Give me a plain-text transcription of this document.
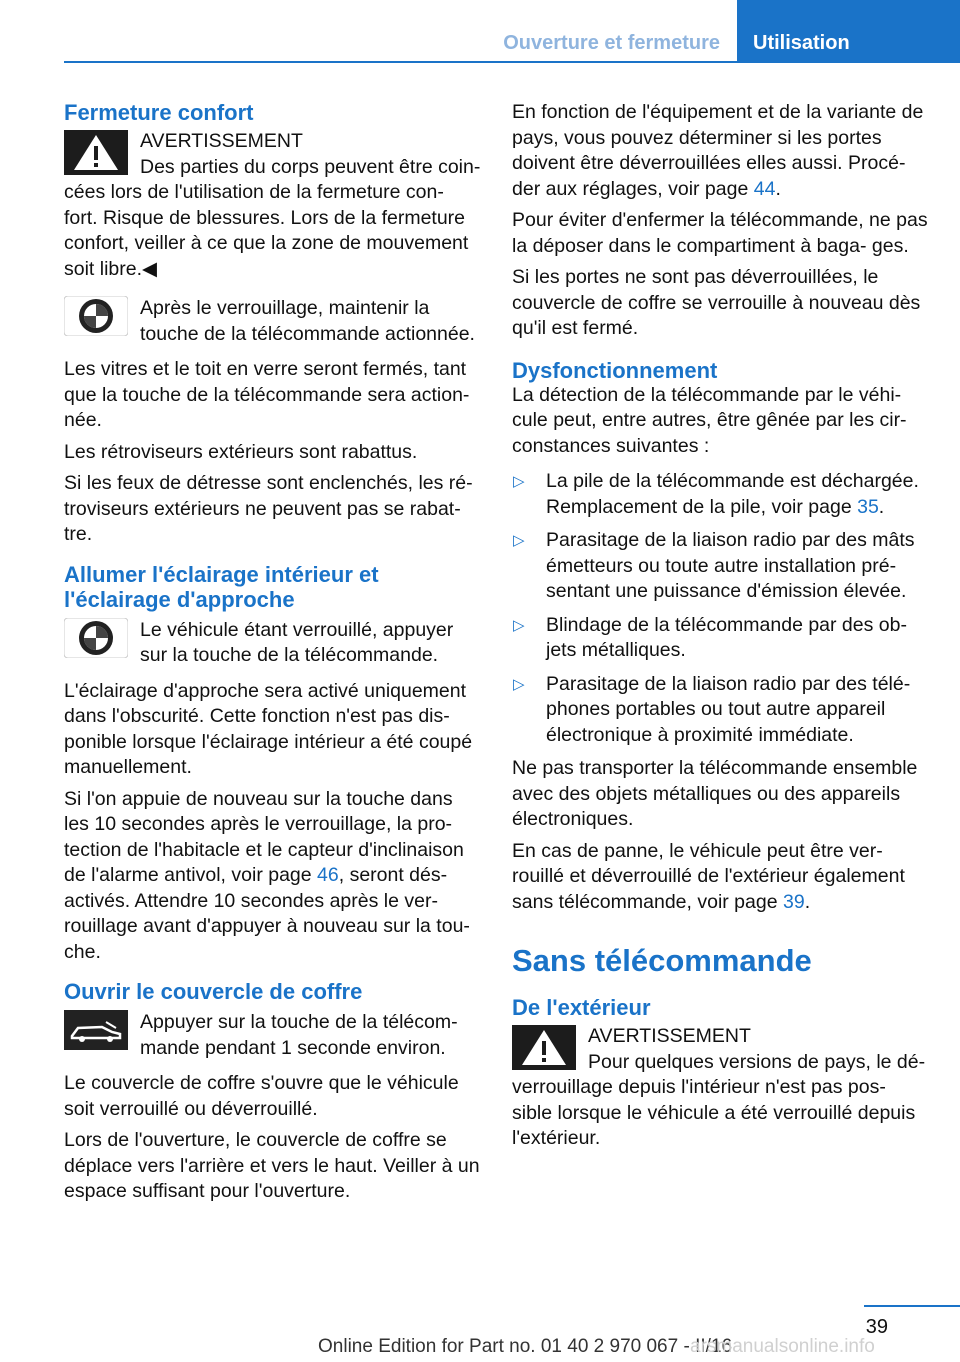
Ouverture et fermeture	Utilisation
Fermeture confort
AVERTISSEMENT
Des parties du corps peuvent être coin‐

cées lors de l'utilisation de la fermeture con‐ fort. Risque de blessures. Lors de la fermeture confort, veiller à ce que la zone de mouvement soit libre.◀

Après le verrouillage, maintenir la touche de la télécommande actionnée.

Les vitres et le toit en verre seront fermés, tant que la touche de la télécommande sera action‐ née.

Les rétroviseurs extérieurs sont rabattus.

Si les feux de détresse sont enclenchés, les ré‐ troviseurs extérieurs ne peuvent pas se rabat‐ tre.

Allumer l'éclairage intérieur et l'éclairage d'approche
Le véhicule étant verrouillé, appuyer sur la touche de la télécommande.

L'éclairage d'approche sera activé uniquement dans l'obscurité. Cette fonction n'est pas dis‐ ponible lorsque l'éclairage intérieur a été coupé manuellement.

Si l'on appuie de nouveau sur la touche dans les 10 secondes après le verrouillage, la pro‐ tection de l'habitacle et le capteur d'inclinaison de l'alarme antivol, voir page 46, seront dés‐ activés. Attendre 10 secondes après le ver‐ rouillage avant d'appuyer à nouveau sur la tou‐ che.

Ouvrir le couvercle de coffre
Appuyer sur la touche de la télécom‐ mande pendant 1 seconde environ.

Le couvercle de coffre s'ouvre que le véhicule soit verrouillé ou déverrouillé.

Lors de l'ouverture, le couvercle de coffre se déplace vers l'arrière et vers le haut. Veiller à un espace suffisant pour l'ouverture.

En fonction de l'équipement et de la variante de pays, vous pouvez déterminer si les portes doivent être déverrouillées elles aussi. Procé‐ der aux réglages, voir page 44.

Pour éviter d'enfermer la télécommande, ne pas la déposer dans le compartiment à baga‐ ges.

Si les portes ne sont pas déverrouillées, le couvercle de coffre se verrouille à nouveau dès qu'il est fermé.

Dysfonctionnement

La détection de la télécommande par le véhi‐ cule peut, entre autres, être gênée par les cir‐ constances suivantes :

▷ La pile de la télécommande est déchargée. Remplacement de la pile, voir page 35.
▷ Parasitage de la liaison radio par des mâts émetteurs ou toute autre installation pré‐ sentant une puissance d'émission élevée.
▷ Blindage de la télécommande par des ob‐ jets métalliques.
▷ Parasitage de la liaison radio par des télé‐ phones portables ou tout autre appareil électronique à proximité immédiate.

Ne pas transporter la télécommande ensemble avec des objets métalliques ou des appareils électroniques.

En cas de panne, le véhicule peut être ver‐ rouillé et déverrouillé de l'extérieur également sans télécommande, voir page 39.

Sans télécommande
De l'extérieur
AVERTISSEMENT
Pour quelques versions de pays, le dé‐

verrouillage depuis l'intérieur n'est pas pos‐ sible lorsque le véhicule a été verrouillé depuis l'extérieur.

39
Online Edition for Part no. 01 40 2 970 067 - II/16
arsmanualsonline.info
